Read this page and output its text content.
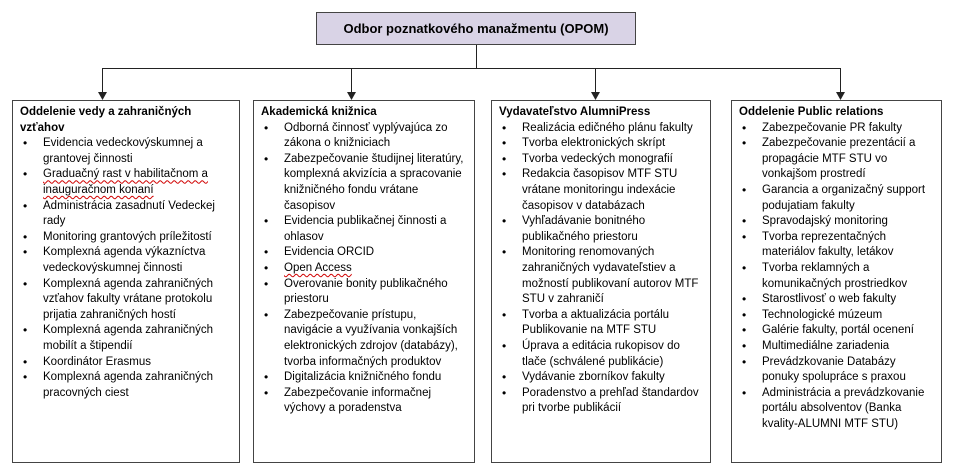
Odbor poznatkového manažmentu (OPOM)
Oddelenie vedy a zahraničných vzťahov
• Evidencia vedeckovýskumnej a grantovej činnosti
• Graduačný rast v habilitačnom a inauguračnom konaní
• Administrácia zasadnutí Vedeckej rady
• Monitoring grantových príležitostí
• Komplexná agenda výkazníctva vedeckovýskumnej činnosti
• Komplexná agenda zahraničných vzťahov fakulty vrátane protokolu prijatia zahraničných hostí
• Komplexná agenda zahraničných mobilít a štipendií
• Koordinátor Erasmus
• Komplexná agenda zahraničných pracovných ciest
Akademická knižnica
• Odborná činnosť vyplývajúca zo zákona o knižniciach
• Zabezpečovanie študijnej literatúry, komplexná akvizícia a spracovanie knižničného fondu vrátane časopisov
• Evidencia publikačnej činnosti a ohlasov
• Evidencia ORCID
• Open Access
• Overovanie bonity publikačného priestoru
• Zabezpečovanie prístupu, navigácie a využívania vonkajších elektronických zdrojov (databázy), tvorba informačných produktov
• Digitalizácia knižničného fondu
• Zabezpečovanie informačnej výchovy a poradenstva
Vydavateľstvo AlumniPress
• Realizácia edičného plánu fakulty
• Tvorba elektronických skrípt
• Tvorba vedeckých monografií
• Redakcia časopisov MTF STU vrátane monitoringu indexácie časopisov v databázach
• Vyhľadávanie bonitného publikačného priestoru
• Monitoring renomovaných zahraničných vydavateľstiev a možností publikovaní autorov MTF STU v zahraničí
• Tvorba a aktualizácia portálu Publikovanie na MTF STU
• Úprava a editácia rukopisov do tlače (schválené publikácie)
• Vydávanie zborníkov fakulty
• Poradenstvo a prehľad štandardov pri tvorbe publikácií
Oddelenie Public relations
• Zabezpečovanie PR fakulty
• Zabezpečovanie prezentácií a propagácie MTF STU vo vonkajšom prostredí
• Garancia a organizačný support podujatiam fakulty
• Spravodajský monitoring
• Tvorba reprezentačných materiálov fakulty, letákov
• Tvorba reklamných a komunikačných prostriedkov
• Starostlivosť o web fakulty
• Technologické múzeum
• Galérie fakulty, portál ocenení
• Multimediálne zariadenia
• Prevádzkovanie Databázy ponuky spolupráce s praxou
• Administrácia a prevádzkovanie portálu absolventov (Banka kvality-ALUMNI MTF STU)
